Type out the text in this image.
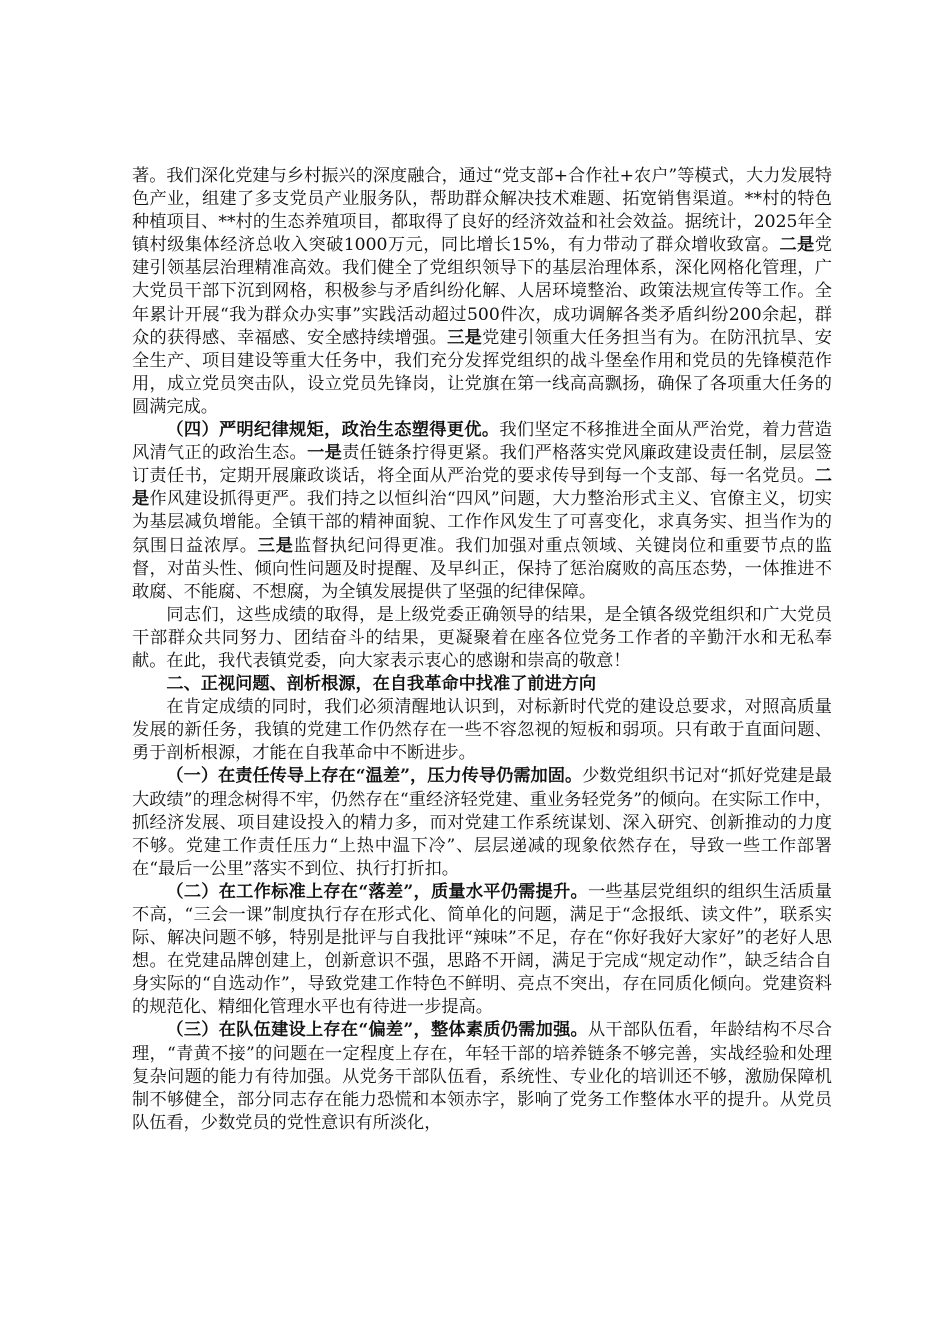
著。我们深化党建与乡村振兴的深度融合，通过“党支部+合作社+农户”等模式，大力发展特色产业，组建了多支党员产业服务队，帮助群众解决技术难题、拓宽销售渠道。**村的特色种植项目、**村的生态养殖项目，都取得了良好的经济效益和社会效益。据统计，2025年全镇村级集体经济总收入突破1000万元，同比增长15%，有力带动了群众增收致富。二是党建引领基层治理精准高效。我们健全了党组织领导下的基层治理体系，深化网格化管理，广大党员干部下沉到网格，积极参与矛盾纠纷化解、人居环境整治、政策法规宣传等工作。全年累计开展“我为群众办实事”实践活动超过500件次，成功调解各类矛盾纠纷200余起，群众的获得感、幸福感、安全感持续增强。三是党建引领重大任务担当有为。在防汛抗旱、安全生产、项目建设等重大任务中，我们充分发挥党组织的战斗堡垒作用和党员的先锋模范作用，成立党员突击队，设立党员先锋岗，让党旗在第一线高高飘扬，确保了各项重大任务的圆满完成。

（四）严明纪律规矩，政治生态塑得更优。我们坚定不移推进全面从严治党，着力营造风清气正的政治生态。一是责任链条拧得更紧。我们严格落实党风廉政建设责任制，层层签订责任书，定期开展廉政谈话，将全面从严治党的要求传导到每一个支部、每一名党员。二是作风建设抓得更严。我们持之以恒纠治“四风”问题，大力整治形式主义、官僚主义，切实为基层减负增能。全镇干部的精神面貌、工作作风发生了可喜变化，求真务实、担当作为的氛围日益浓厚。三是监督执纪问得更准。我们加强对重点领域、关键岗位和重要节点的监督，对苗头性、倾向性问题及时提醒、及早纠正，保持了惩治腐败的高压态势，一体推进不敢腐、不能腐、不想腐，为全镇发展提供了坚强的纪律保障。

同志们，这些成绩的取得，是上级党委正确领导的结果，是全镇各级党组织和广大党员干部群众共同努力、团结奋斗的结果，更凝聚着在座各位党务工作者的辛勤汗水和无私奉献。在此，我代表镇党委，向大家表示衷心的感谢和崇高的敬意！

二、正视问题、剖析根源，在自我革命中找准了前进方向

在肯定成绩的同时，我们必须清醒地认识到，对标新时代党的建设总要求，对照高质量发展的新任务，我镇的党建工作仍然存在一些不容忽视的短板和弱项。只有敢于直面问题、勇于剖析根源，才能在自我革命中不断进步。

（一）在责任传导上存在“温差”，压力传导仍需加固。少数党组织书记对“抓好党建是最大政绩”的理念树得不牢，仍然存在“重经济轻党建、重业务轻党务”的倾向。在实际工作中，抓经济发展、项目建设投入的精力多，而对党建工作系统谋划、深入研究、创新推动的力度不够。党建工作责任压力“上热中温下冷”、层层递减的现象依然存在，导致一些工作部署在“最后一公里”落实不到位、执行打折扣。

（二）在工作标准上存在“落差”，质量水平仍需提升。一些基层党组织的组织生活质量不高，“三会一课”制度执行存在形式化、简单化的问题，满足于“念报纸、读文件”，联系实际、解决问题不够，特别是批评与自我批评“辣味”不足，存在“你好我好大家好”的老好人思想。在党建品牌创建上，创新意识不强，思路不开阔，满足于完成“规定动作”，缺乏结合自身实际的“自选动作”，导致党建工作特色不鲜明、亮点不突出，存在同质化倾向。党建资料的规范化、精细化管理水平也有待进一步提高。

（三）在队伍建设上存在“偏差”，整体素质仍需加强。从干部队伍看，年龄结构不尽合理，“青黄不接”的问题在一定程度上存在，年轻干部的培养链条不够完善，实战经验和处理复杂问题的能力有待加强。从党务干部队伍看，系统性、专业化的培训还不够，激励保障机制不够健全，部分同志存在能力恐慌和本领赤字，影响了党务工作整体水平的提升。从党员队伍看，少数党员的党性意识有所淡化，
